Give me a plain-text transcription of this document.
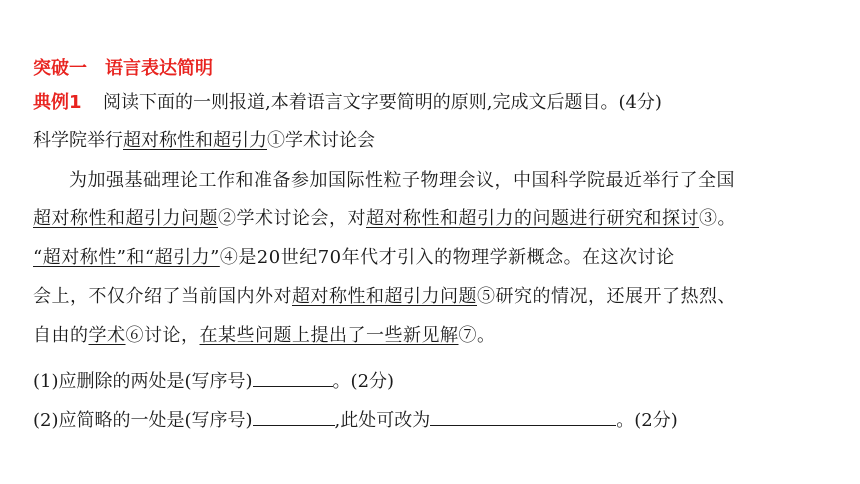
突破一　语言表达简明
典例1 阅读下面的一则报道,本着语言文字要简明的原则,完成文后题目。(4分)
科学院举行超对称性和超引力①学术讨论会
为加强基础理论工作和准备参加国际性粒子物理会议，中国科学院最近举行了全国
超对称性和超引力问题②学术讨论会，对超对称性和超引力的问题进行研究和探讨③。
“超对称性”和“超引力”④是20世纪70年代才引入的物理学新概念。在这次讨论
会上，不仅介绍了当前国内外对超对称性和超引力问题⑤研究的情况，还展开了热烈、
自由的学术⑥讨论，在某些问题上提出了一些新见解⑦。
(1)应删除的两处是(写序号)	。(2分)
(2)应简略的一处是(写序号)	,此处可改为	。(2分)
